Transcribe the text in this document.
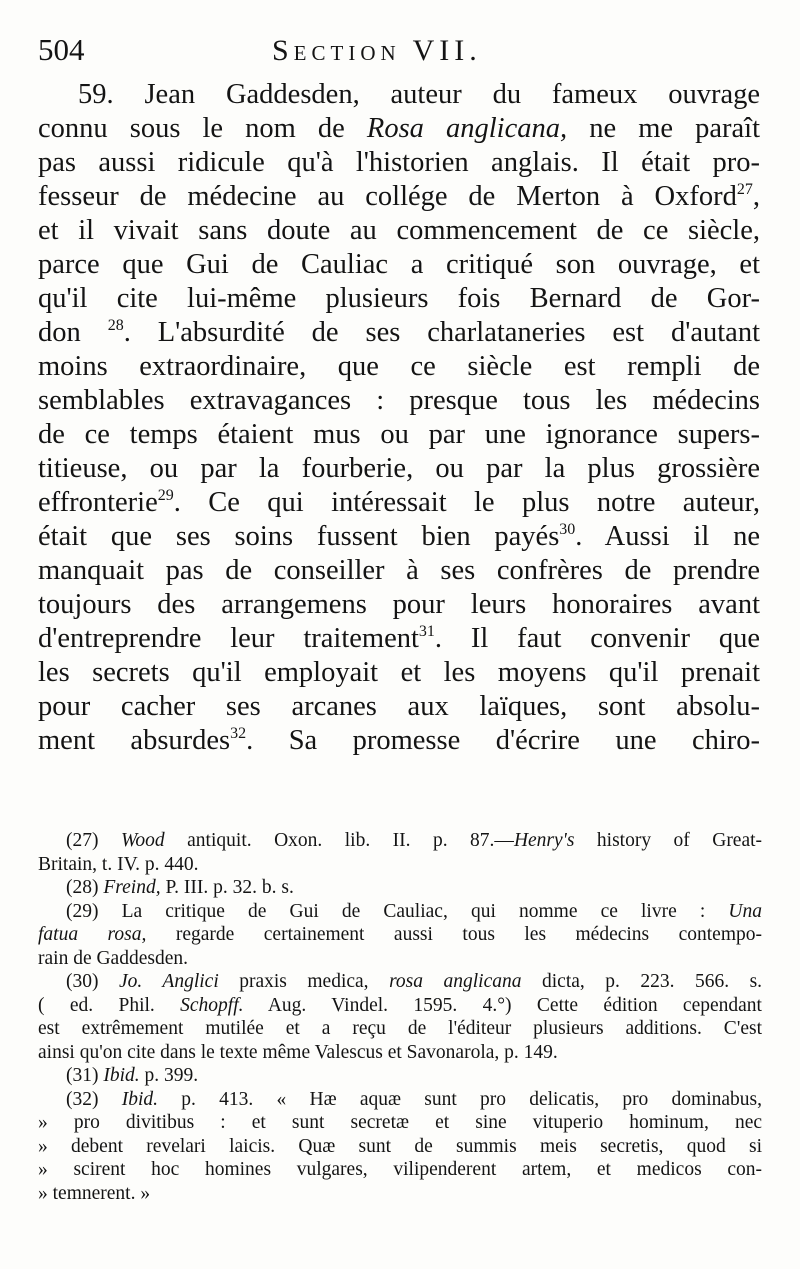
504	Section VII.
59. Jean Gaddesden, auteur du fameux ouvrage
connu sous le nom de Rosa anglicana, ne me paraît
pas aussi ridicule qu'à l'historien anglais. Il était pro-
fesseur de médecine au collége de Merton à Oxford$^{27}$,
et il vivait sans doute au commencement de ce siècle,
parce que Gui de Cauliac a critiqué son ouvrage, et
qu'il cite lui-même plusieurs fois Bernard de Gor-
don $^{28}$. L'absurdité de ses charlataneries est d'autant
moins extraordinaire, que ce siècle est rempli de
semblables extravagances : presque tous les médecins
de ce temps étaient mus ou par une ignorance supers-
titieuse, ou par la fourberie, ou par la plus grossière
effronterie$^{29}$. Ce qui intéressait le plus notre auteur,
était que ses soins fussent bien payés$^{30}$. Aussi il ne
manquait pas de conseiller à ses confrères de prendre
toujours des arrangemens pour leurs honoraires avant
d'entreprendre leur traitement$^{31}$. Il faut convenir que
les secrets qu'il employait et les moyens qu'il prenait
pour cacher ses arcanes aux laïques, sont absolu-
ment absurdes$^{32}$. Sa promesse d'écrire une chiro-
(27) Wood antiquit. Oxon. lib. II. p. 87.—Henry's history of Great-
Britain, t. IV. p. 440.
(28) Freind, P. III. p. 32. b. s.
(29) La critique de Gui de Cauliac, qui nomme ce livre : Una
fatua rosa, regarde certainement aussi tous les médecins contempo-
rain de Gaddesden.
(30) Jo. Anglici praxis medica, rosa anglicana dicta, p. 223. 566. s.
( ed. Phil. Schopff. Aug. Vindel. 1595. 4.°) Cette édition cependant
est extrêmement mutilée et a reçu de l'éditeur plusieurs additions. C'est
ainsi qu'on cite dans le texte même Valescus et Savonarola, p. 149.
(31) Ibid. p. 399.
(32) Ibid. p. 413. « Hæ aquæ sunt pro delicatis, pro dominabus,
» pro divitibus : et sunt secretæ et sine vituperio hominum, nec
» debent revelari laicis. Quæ sunt de summis meis secretis, quod si
» scirent hoc homines vulgares, vilipenderent artem, et medicos con-
» temnerent. »
